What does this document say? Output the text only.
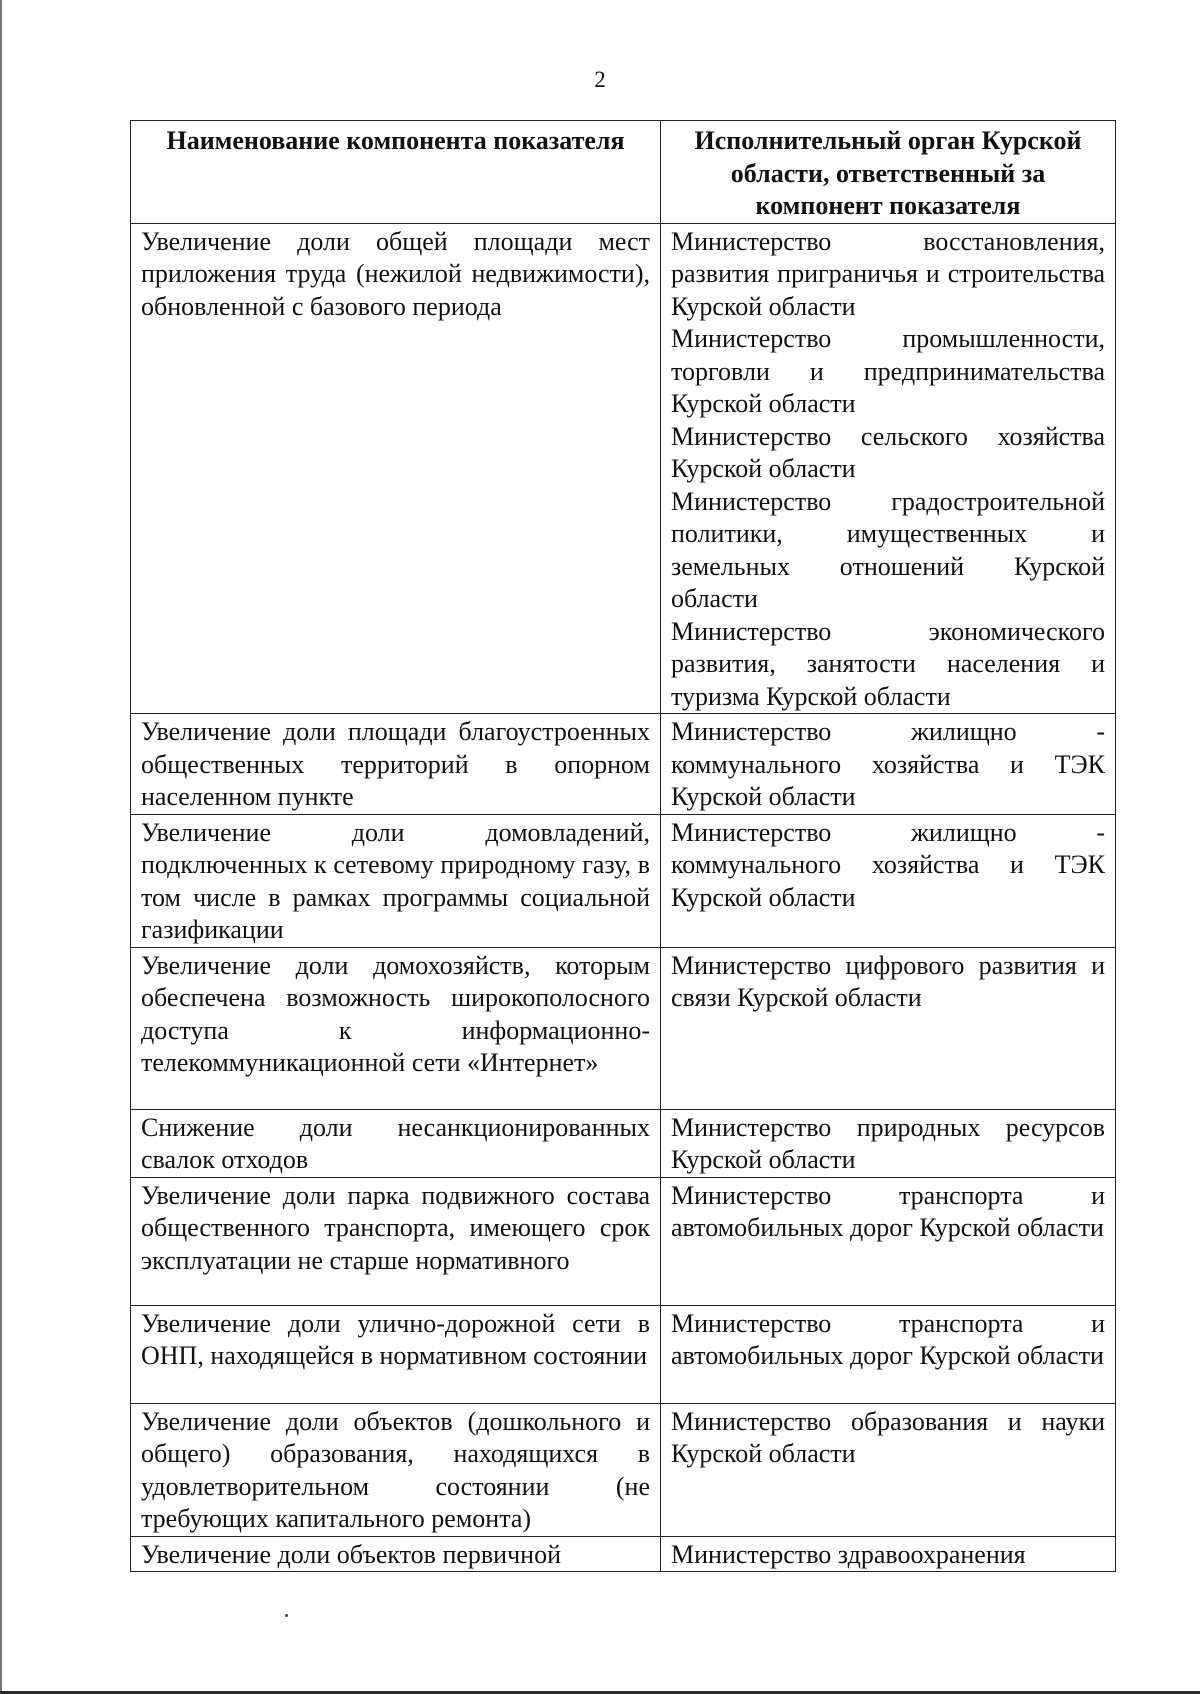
2
Наименование компонента показателя	Исполнительный орган Курской области, ответственный за компонент показателя

Увеличение доли общей площади мест приложения труда (нежилой недвижимости), обновленной с базового периода	Министерство восстановления, развития приграничья и строительства Курской области
Министерство промышленности, торговли и предпринимательства Курской области
Министерство сельского хозяйства Курской области
Министерство градостроительной политики, имущественных и земельных отношений Курской области
Министерство экономического развития, занятости населения и туризма Курской области

Увеличение доли площади благоустроенных общественных территорий в опорном населенном пункте	Министерство жилищно - коммунального хозяйства и ТЭК Курской области

Увеличение доли домовладений, подключенных к сетевому природному газу, в том числе в рамках программы социальной газификации	Министерство жилищно - коммунального хозяйства и ТЭК Курской области

Увеличение доли домохозяйств, которым обеспечена возможность широкополосного доступа к информационно-телекоммуникационной сети «Интернет»	Министерство цифрового развития и связи Курской области

Снижение доли несанкционированных свалок отходов	Министерство природных ресурсов Курской области

Увеличение доли парка подвижного состава общественного транспорта, имеющего срок эксплуатации не старше нормативного	Министерство транспорта и автомобильных дорог Курской области

Увеличение доли улично-дорожной сети в ОНП, находящейся в нормативном состоянии	Министерство транспорта и автомобильных дорог Курской области

Увеличение доли объектов (дошкольного и общего) образования, находящихся в удовлетворительном состоянии (не требующих капитального ремонта)	Министерство образования и науки Курской области

Увеличение доли объектов первичной	Министерство здравоохранения
